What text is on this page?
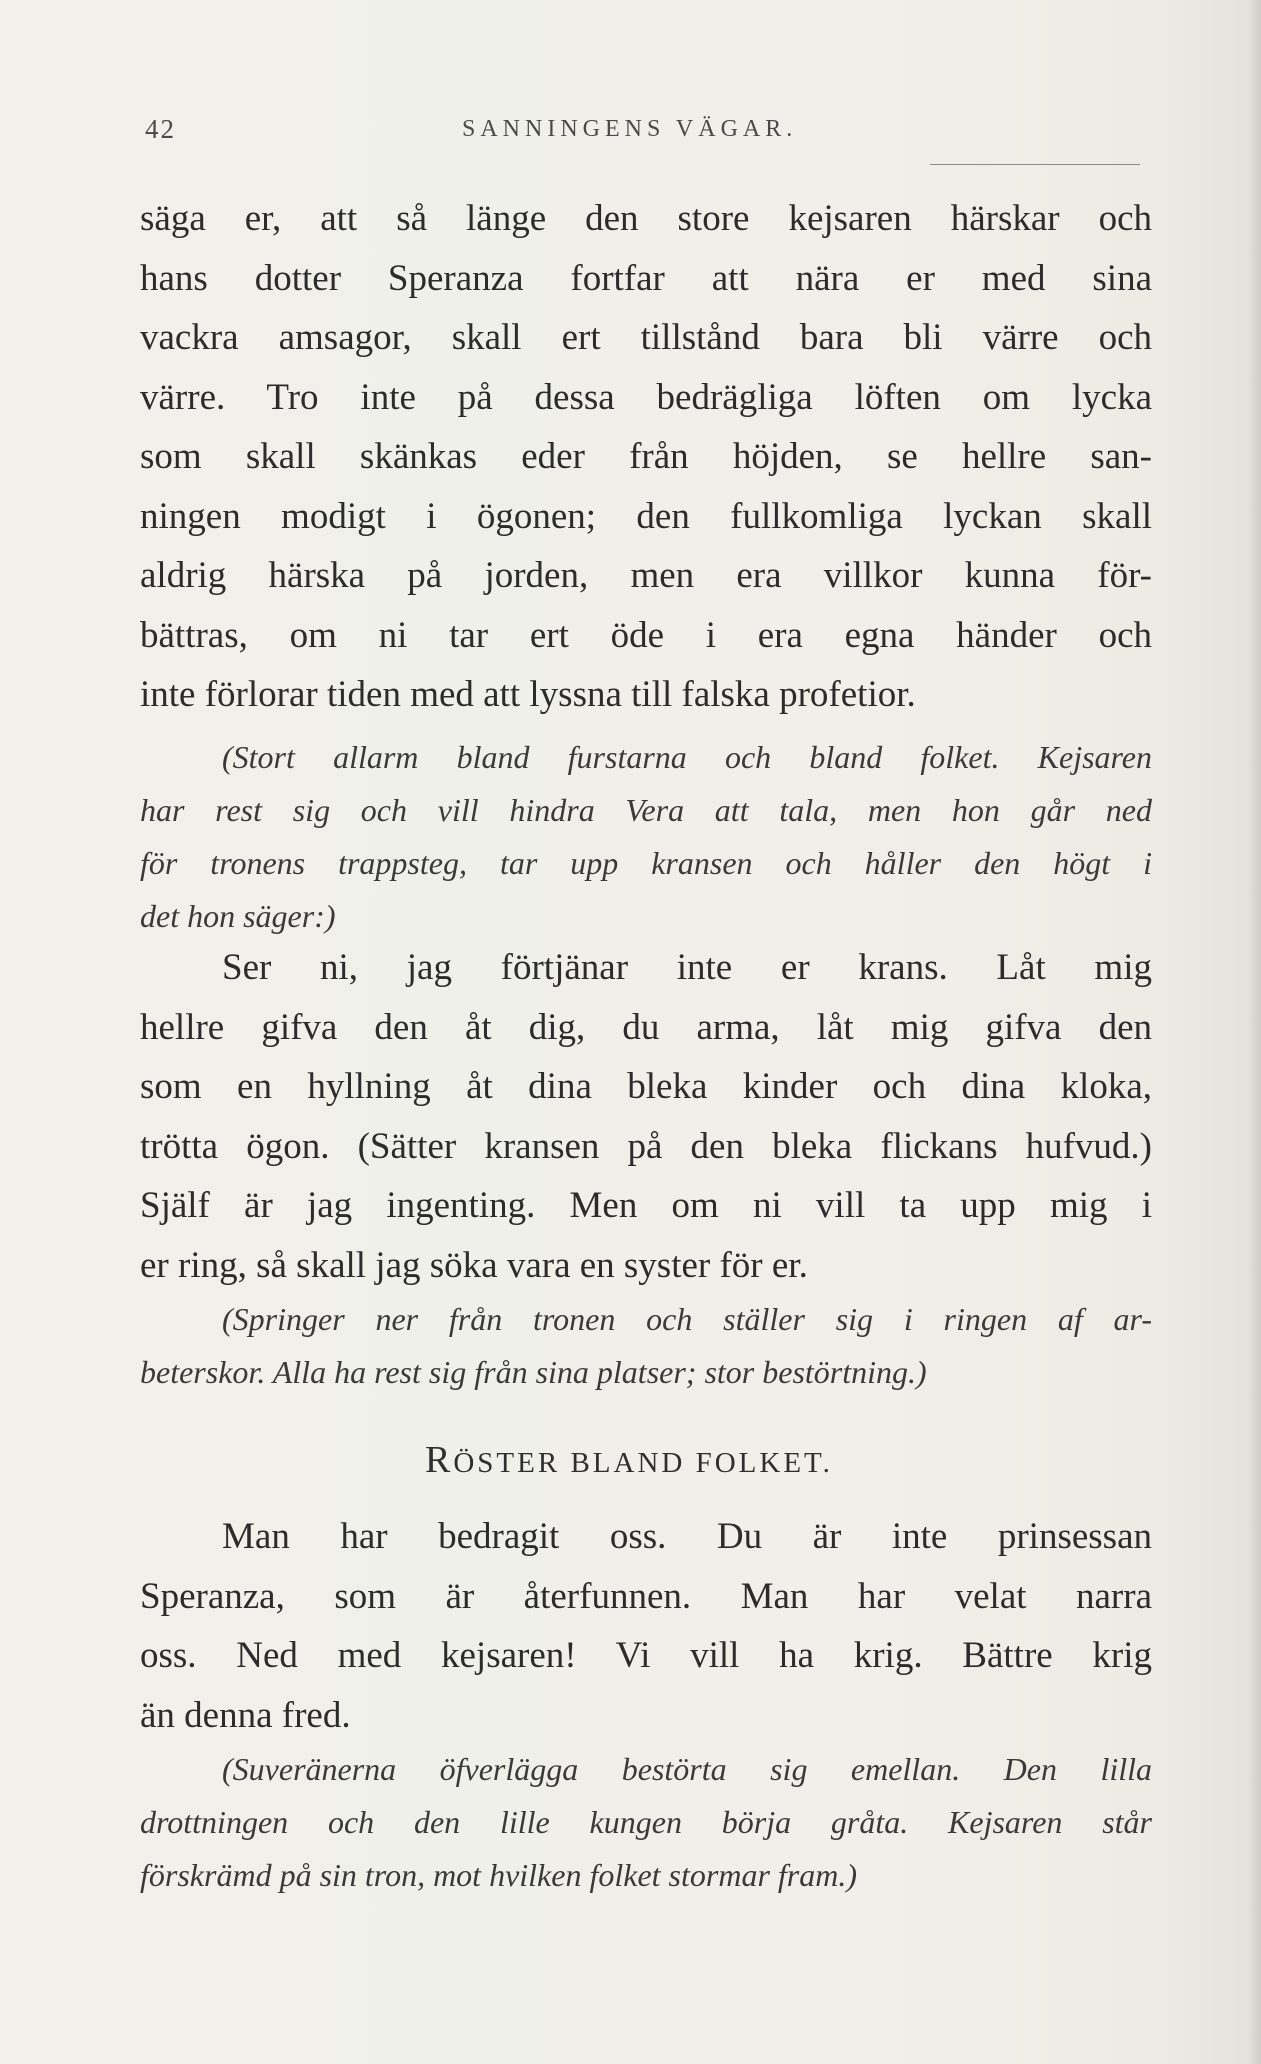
42	SANNINGENS VÄGAR.
säga er, att så länge den store kejsaren härskar och
hans dotter Speranza fortfar att nära er med sina
vackra amsagor, skall ert tillstånd bara bli värre och
värre. Tro inte på dessa bedrägliga löften om lycka
som skall skänkas eder från höjden, se hellre san-
ningen modigt i ögonen; den fullkomliga lyckan skall
aldrig härska på jorden, men era villkor kunna för-
bättras, om ni tar ert öde i era egna händer och
inte förlorar tiden med att lyssna till falska profetior.
(Stort allarm bland furstarna och bland folket. Kejsaren
har rest sig och vill hindra Vera att tala, men hon går ned
för tronens trappsteg, tar upp kransen och håller den högt i
det hon säger:)
Ser ni, jag förtjänar inte er krans. Låt mig
hellre gifva den åt dig, du arma, låt mig gifva den
som en hyllning åt dina bleka kinder och dina kloka,
trötta ögon. (Sätter kransen på den bleka flickans hufvud.)
Själf är jag ingenting. Men om ni vill ta upp mig i
er ring, så skall jag söka vara en syster för er.
(Springer ner från tronen och ställer sig i ringen af ar-
beterskor. Alla ha rest sig från sina platser; stor bestörtning.)
RÖSTER BLAND FOLKET.
Man har bedragit oss. Du är inte prinsessan
Speranza, som är återfunnen. Man har velat narra
oss. Ned med kejsaren! Vi vill ha krig. Bättre krig
än denna fred.
(Suveränerna öfverlägga bestörta sig emellan. Den lilla
drottningen och den lille kungen börja gråta. Kejsaren står
förskrämd på sin tron, mot hvilken folket stormar fram.)
